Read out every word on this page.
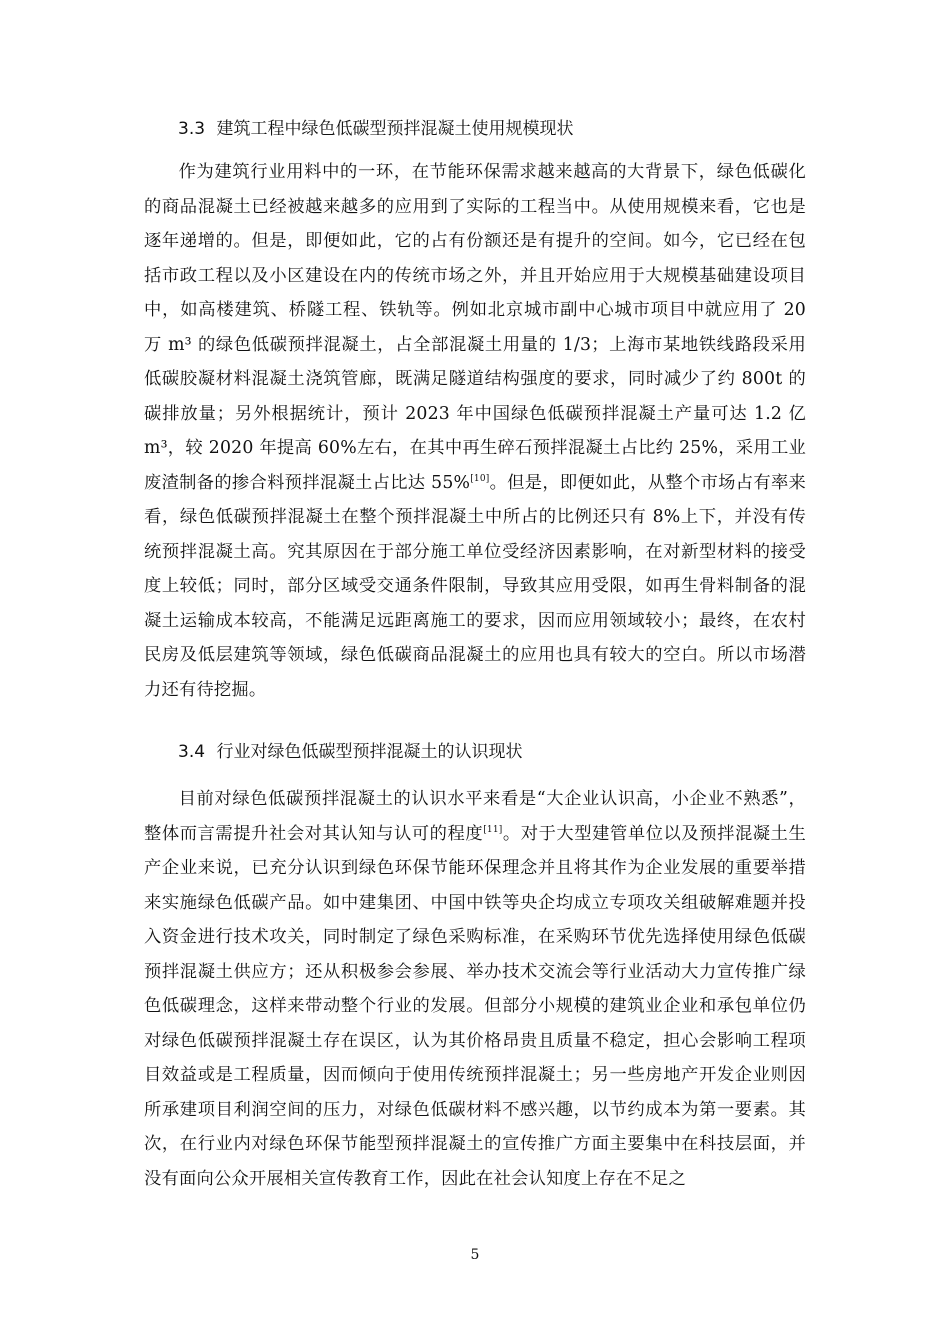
3.3 建筑工程中绿色低碳型预拌混凝土使用规模现状

作为建筑行业用料中的一环，在节能环保需求越来越高的大背景下，绿色低碳化的商品混凝土已经被越来越多的应用到了实际的工程当中。从使用规模来看，它也是逐年递增的。但是，即便如此，它的占有份额还是有提升的空间。如今，它已经在包括市政工程以及小区建设在内的传统市场之外，并且开始应用于大规模基础建设项目中，如高楼建筑、桥隧工程、铁轨等。例如北京城市副中心城市项目中就应用了 20 万 m³ 的绿色低碳预拌混凝土，占全部混凝土用量的 1/3；上海市某地铁线路段采用低碳胶凝材料混凝土浇筑管廊，既满足隧道结构强度的要求，同时减少了约 800t 的碳排放量；另外根据统计，预计 2023 年中国绿色低碳预拌混凝土产量可达 1.2 亿 m³，较 2020 年提高 60%左右，在其中再生碎石预拌混凝土占比约 25%，采用工业废渣制备的掺合料预拌混凝土占比达 55%[10]。但是，即便如此，从整个市场占有率来看，绿色低碳预拌混凝土在整个预拌混凝土中所占的比例还只有 8%上下，并没有传统预拌混凝土高。究其原因在于部分施工单位受经济因素影响，在对新型材料的接受度上较低；同时，部分区域受交通条件限制，导致其应用受限，如再生骨料制备的混凝土运输成本较高，不能满足远距离施工的要求，因而应用领域较小；最终，在农村民房及低层建筑等领域，绿色低碳商品混凝土的应用也具有较大的空白。所以市场潜力还有待挖掘。

3.4 行业对绿色低碳型预拌混凝土的认识现状

目前对绿色低碳预拌混凝土的认识水平来看是“大企业认识高，小企业不熟悉”，整体而言需提升社会对其认知与认可的程度[11]。对于大型建管单位以及预拌混凝土生产企业来说，已充分认识到绿色环保节能环保理念并且将其作为企业发展的重要举措来实施绿色低碳产品。如中建集团、中国中铁等央企均成立专项攻关组破解难题并投入资金进行技术攻关，同时制定了绿色采购标准，在采购环节优先选择使用绿色低碳预拌混凝土供应方；还从积极参会参展、举办技术交流会等行业活动大力宣传推广绿色低碳理念，这样来带动整个行业的发展。但部分小规模的建筑业企业和承包单位仍对绿色低碳预拌混凝土存在误区，认为其价格昂贵且质量不稳定，担心会影响工程项目效益或是工程质量，因而倾向于使用传统预拌混凝土；另一些房地产开发企业则因所承建项目利润空间的压力，对绿色低碳材料不感兴趣，以节约成本为第一要素。其次，在行业内对绿色环保节能型预拌混凝土的宣传推广方面主要集中在科技层面，并没有面向公众开展相关宣传教育工作，因此在社会认知度上存在不足之

5
